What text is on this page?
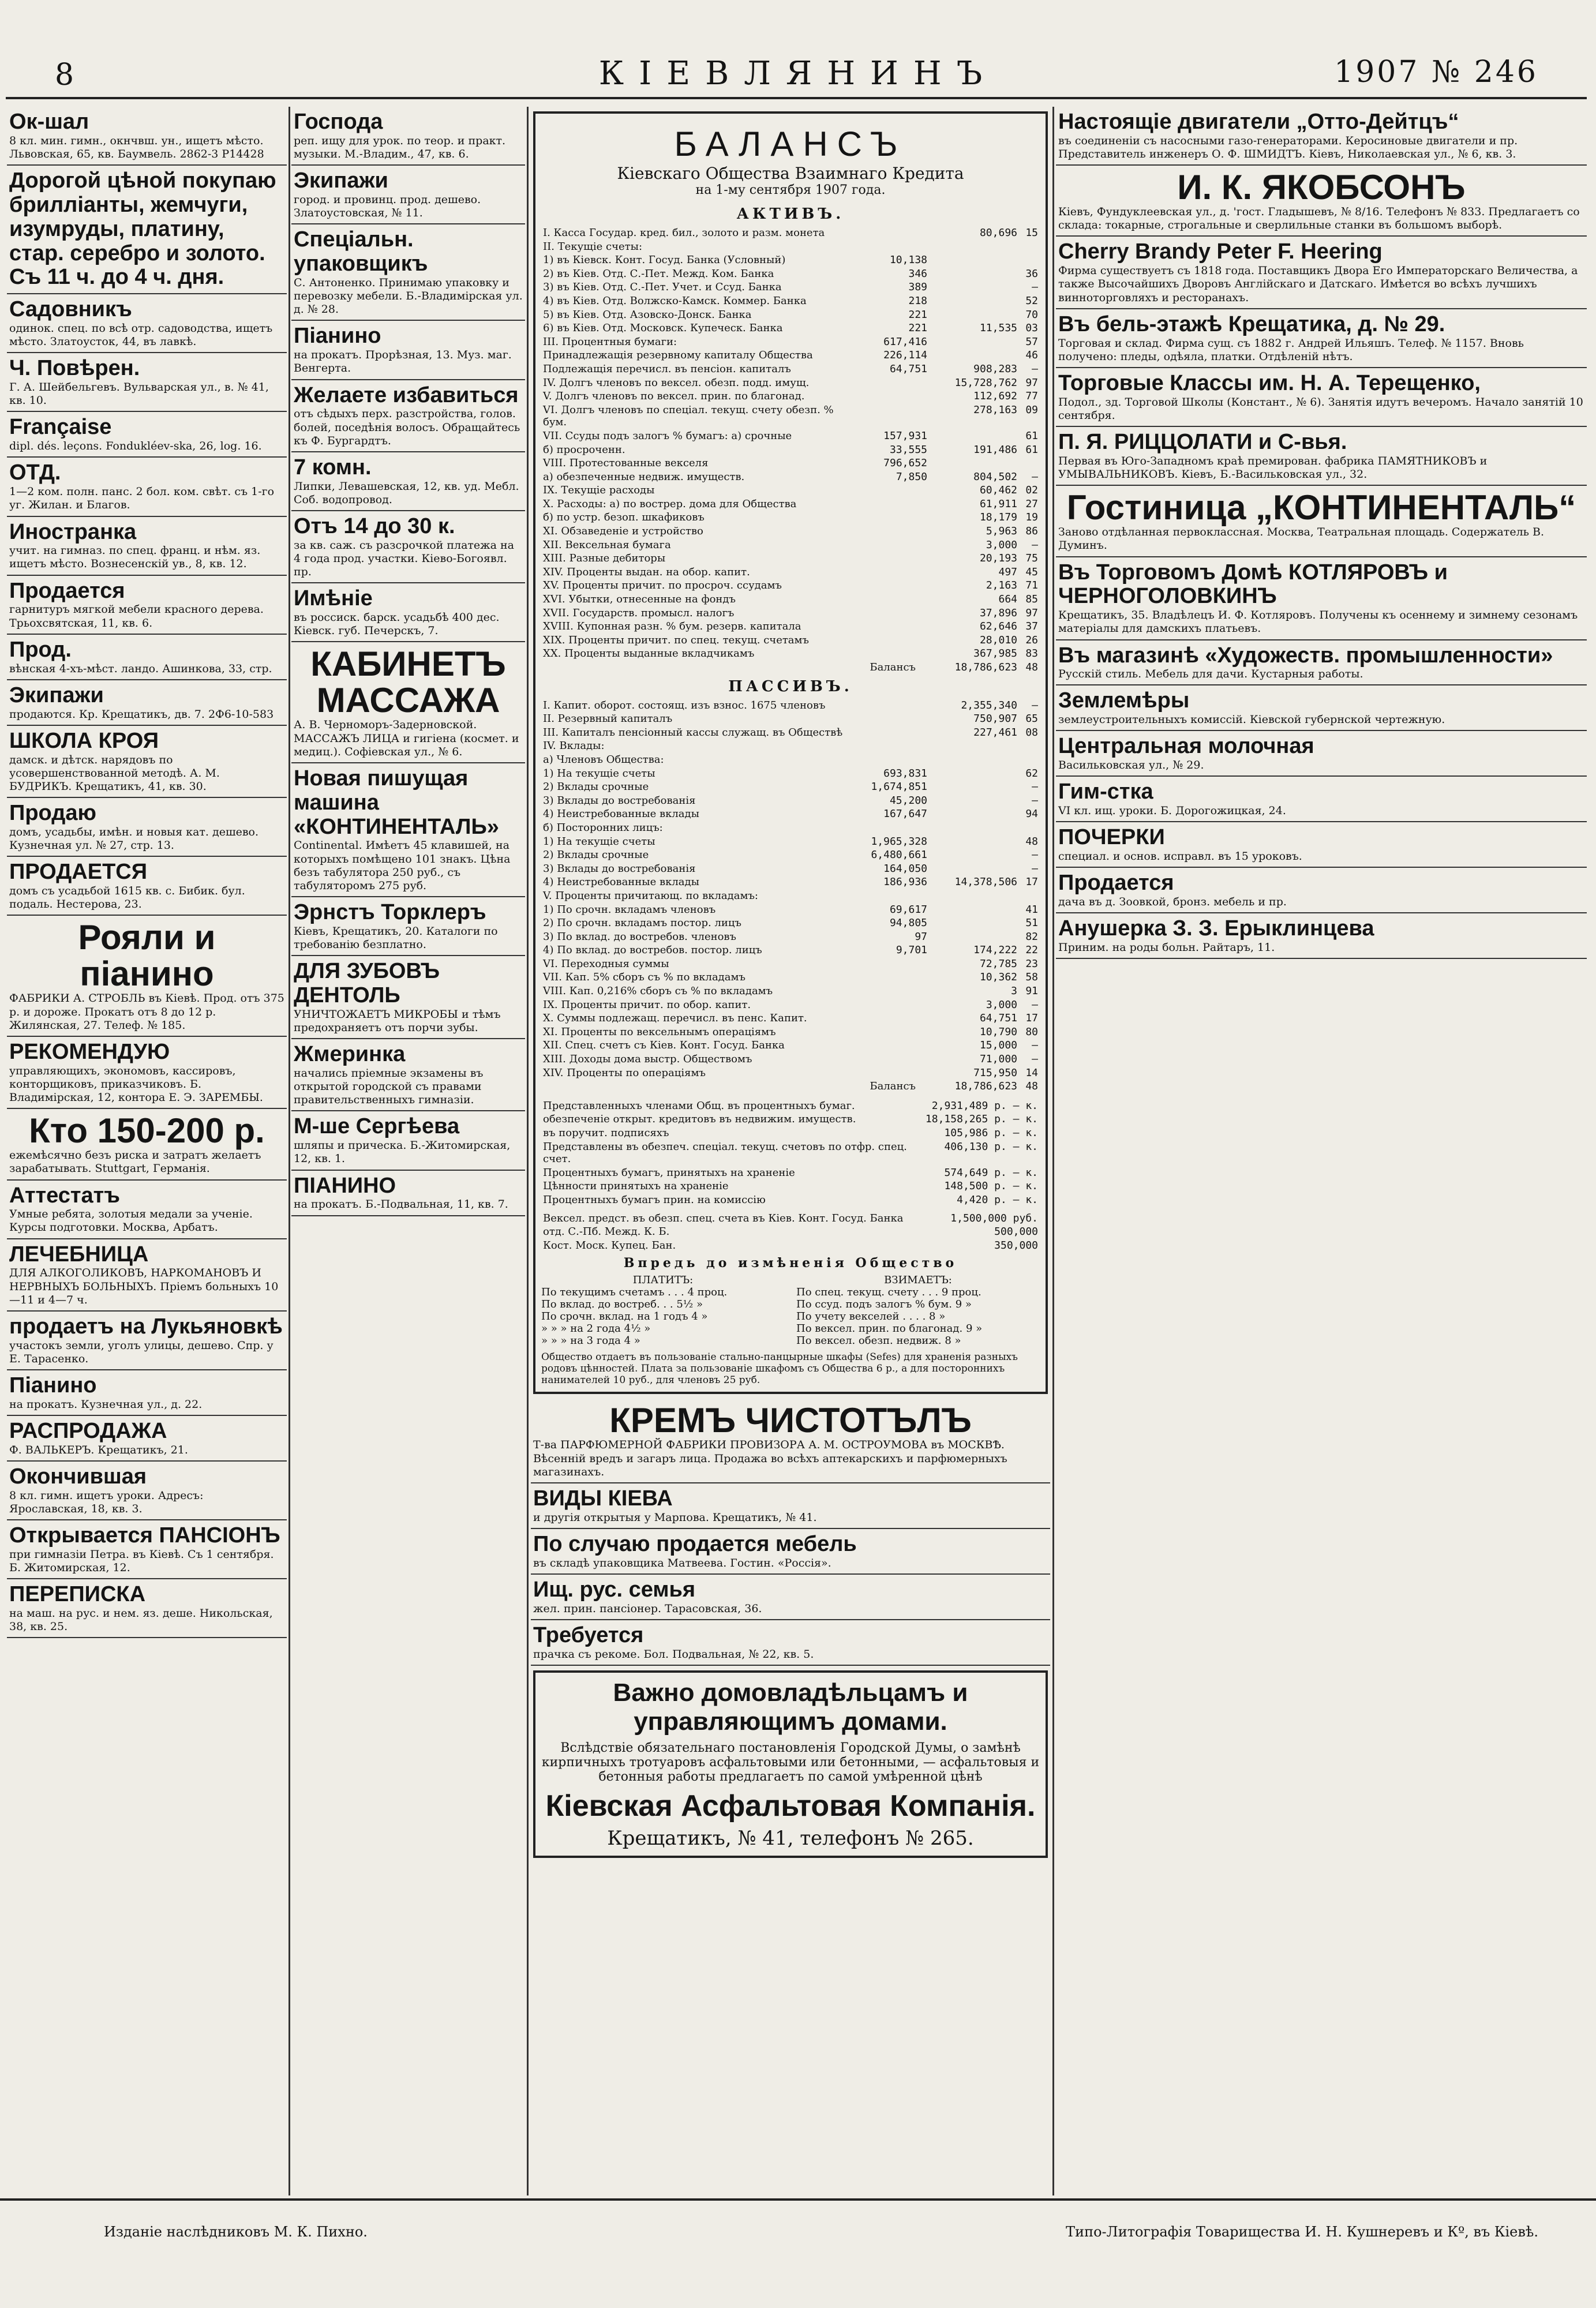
8	КІЕВЛЯНИНЪ	1907 № 246
Ок-шал
8 кл. мин. гимн., окнчвш. ун., ищетъ мѣсто. Львовская, 65, кв. Баумвель. 2862-3 Р14428
Дорогой цѣной покупаю брилліанты, жемчуги, изумруды, платину, стар. серебро и золото. Съ 11 ч. до 4 ч. дня.
Садовникъ
одинок. спец. по всѣ отр. садоводства, ищетъ мѣсто. Златоусток, 44, въ лавкѣ.
Ч. Повѣрен.
Г. А. Шейбельгевъ. Вульварская ул., в. № 41, кв. 10.
Française
dipl. dés. leçons. Fondukléev-ska, 26, log. 16.
ОТД.
1—2 ком. полн. панс. 2 бол. ком. свѣт. съ 1-го уг. Жилан. и Благов.
Иностранка
учит. на гимназ. по спец. франц. и нѣм. яз. ищетъ мѣсто. Вознесенскій ув., 8, кв. 12.
Продается
гарнитуръ мягкой мебели красного дерева. Трьохсвятская, 11, кв. 6.
Прод.
вѣнская 4-хъ-мѣст. ландо. Ашинкова, 33, стр.
Экипажи
продаются. Кр. Крещатикъ, дв. 7. 2Ф6-10-583
ШКОЛА КРОЯ
дамск. и дѣтск. нарядовъ по усовершенствованной методѣ. А. М. БУДРИКЪ. Крещатикъ, 41, кв. 30.
Продаю
домъ, усадьбы, имѣн. и новыя кат. дешево. Кузнечная ул. № 27, стр. 13.
ПРОДАЕТСЯ
домъ съ усадьбой 1615 кв. с. Бибик. бул. подаль. Нестерова, 23.
Рояли и піанино
ФАБРИКИ А. СТРОБЛЬ въ Кіевѣ. Прод. отъ 375 р. и дороже. Прокатъ отъ 8 до 12 р. Жилянская, 27. Телеф. № 185.
РЕКОМЕНДУЮ
управляющихъ, экономовъ, кассировъ, конторщиковъ, приказчиковъ. Б. Владимірская, 12, контора Е. Э. ЗАРЕМБЫ.
Кто 150-200 р.
ежемѣсячно безъ риска и затратъ желаетъ зарабатывать. Stuttgart, Германія.
Аттестатъ
Умные ребята, золотыя медали за ученіе. Курсы подготовки. Москва, Арбатъ.
ЛЕЧЕБНИЦА
ДЛЯ АЛКОГОЛИКОВЪ, НАРКОМАНОВЪ И НЕРВНЫХЪ БОЛЬНЫХЪ. Пріемъ больныхъ 10—11 и 4—7 ч.
продаетъ на Лукьяновкѣ
участокъ земли, уголъ улицы, дешево. Спр. у Е. Тарасенко.
Піанино
на прокатъ. Кузнечная ул., д. 22.
РАСПРОДАЖА
Ф. ВАЛЬКЕРЪ. Крещатикъ, 21.
Окончившая
8 кл. гимн. ищетъ уроки. Адресъ: Ярославская, 18, кв. 3.
Открывается ПАНСІОНЪ
при гимназіи Петра. въ Кіевѣ. Съ 1 сентября. Б. Житомирская, 12.
ПЕРЕПИСКА
на маш. на рус. и нем. яз. деше. Никольская, 38, кв. 25.
Господа
реп. ищу для урок. по теор. и практ. музыки. М.-Владим., 47, кв. 6.
Экипажи
город. и провинц. прод. дешево. Златоустовская, № 11.
Спеціальн. упаковщикъ
С. Антоненко. Принимаю упаковку и перевозку мебели. Б.-Владимірская ул. д. № 28.
Піанино
на прокатъ. Прорѣзная, 13. Муз. маг. Венгерта.
Желаете избавиться
отъ сѣдыхъ перх. разстройства, голов. болей, поседѣнія волосъ. Обращайтесь къ Ф. Бургардтъ.
7 комн.
Липки, Левашевская, 12, кв. уд. Мебл. Соб. водопровод.
Отъ 14 до 30 к.
за кв. саж. съ разсрочкой платежа на 4 года прод. участки. Кіево-Богоявл. пр.
Имѣніе
въ россиск. барск. усадьбѣ 400 дес. Кіевск. губ. Печерскъ, 7.
КАБИНЕТЪ МАССАЖА
А. В. Черноморъ-Задерновской. МАССАЖЪ ЛИЦА и гигіена (космет. и медиц.). Софіевская ул., № 6.
Новая пишущая машина «КОНТИНЕНТАЛЬ»
Continental. Имѣетъ 45 клавишей, на которыхъ помѣщено 101 знакъ. Цѣна безъ табулятора 250 руб., съ табуляторомъ 275 руб.
Эрнстъ Торклеръ
Кіевъ, Крещатикъ, 20. Каталоги по требованію безплатно.
ДЛЯ ЗУБОВЪ ДЕНТОЛЬ
УНИЧТОЖАЕТЪ МИКРОБЫ и тѣмъ предохраняетъ отъ порчи зубы.
Жмеринка
начались пріемные экзамены въ открытой городской съ правами правительственныхъ гимназіи.
М-ше Сергѣева
шляпы и прическа. Б.-Житомирская, 12, кв. 1.
ПІАНИНО
на прокатъ. Б.-Подвальная, 11, кв. 7.
БАЛАНСЪ
Кіевскаго Общества Взаимнаго Кредита
на 1-му сентября 1907 года.
АКТИВЪ.
I. Касса Государ. кред. бил., золото и разм. монета		80,696	15
II. Текущіе счеты:			
1) въ Кіевск. Конт. Госуд. Банка (Условный)	10,138		
2) въ Кіев. Отд. С.-Пет. Межд. Ком. Банка	346		36
3) въ Кіев. Отд. С.-Пет. Учет. и Ссуд. Банка	389		—
4) въ Кіев. Отд. Волжско-Камск. Коммер. Банка	218		52
5) въ Кіев. Отд. Азовско-Донск. Банка	221		70
6) въ Кіев. Отд. Московск. Купеческ. Банка	221	11,535	03
III. Процентныя бумаги:	617,416		57
Принадлежащія резервному капиталу Общества	226,114		46
Подлежащія перечисл. въ пенсіон. капиталъ	64,751	908,283	—
IV. Долгъ членовъ по вексел. обезп. подд. имущ.		15,728,762	97
V. Долгъ членовъ по вексел. прин. по благонад.		112,692	77
VI. Долгъ членовъ по спеціал. текущ. счету обезп. % бум.		278,163	09
VII. Ссуды подъ залогъ % бумагъ: а) срочные	157,931		61
б) просроченн.	33,555	191,486	61
VIII. Протестованные векселя	796,652		
а) обезпеченные недвиж. имуществ.	7,850	804,502	—
IX. Текущіе расходы		60,462	02
X. Расходы: а) по вострер. дома для Общества		61,911	27
б) по устр. безоп. шкафиковъ		18,179	19
XI. Обзаведеніе и устройство		5,963	86
XII. Вексельная бумага		3,000	—
XIII. Разные дебиторы		20,193	75
XIV. Проценты выдан. на обор. капит.		497	45
XV. Проценты причит. по просроч. ссудамъ		2,163	71
XVI. Убытки, отнесенные на фондъ		664	85
XVII. Государств. промысл. налогъ		37,896	97
XVIII. Купонная разн. % бум. резерв. капитала		62,646	37
XIX. Проценты причит. по спец. текущ. счетамъ		28,010	26
XX. Проценты выданные вкладчикамъ		367,985	83
Балансъ	18,786,623	48
ПАССИВЪ.
I. Капит. оборот. состоящ. изъ взнос. 1675 членовъ		2,355,340	—
II. Резервный капиталъ		750,907	65
III. Капиталъ пенсіонный кассы служащ. въ Обществѣ		227,461	08
IV. Вклады:			
а) Членовъ Общества:			
1) На текущіе счеты	693,831		62
2) Вклады срочные	1,674,851		—
3) Вклады до востребованія	45,200		—
4) Неистребованные вклады	167,647		94
б) Посторонних лицъ:			
1) На текущіе счеты	1,965,328		48
2) Вклады срочные	6,480,661		—
3) Вклады до востребованія	164,050		—
4) Неистребованные вклады	186,936	14,378,506	17
V. Проценты причитающ. по вкладамъ:			
1) По срочн. вкладамъ членовъ	69,617		41
2) По срочн. вкладамъ постор. лицъ	94,805		51
3) По вклад. до востребов. членовъ	97		82
4) По вклад. до востребов. постор. лицъ	9,701	174,222	22
VI. Переходныя суммы		72,785	23
VII. Кап. 5% сборъ съ % по вкладамъ		10,362	58
VIII. Кап. 0,216% сборъ съ % по вкладамъ		3	91
IX. Проценты причит. по обор. капит.		3,000	—
X. Суммы подлежащ. перечисл. въ пенс. Капит.		64,751	17
XI. Проценты по вексельнымъ операціямъ		10,790	80
XII. Спец. счетъ съ Кіев. Конт. Госуд. Банка		15,000	—
XIII. Доходы дома выстр. Обществомъ		71,000	—
XIV. Проценты по операціямъ		715,950	14
Балансъ	18,786,623	48
Представленныхъ членами Общ. въ процентныхъ бумаг.	2,931,489 р. — к.
обезпеченіе открыт. кредитовъ въ недвижим. имуществ.	18,158,265 р. — к.
въ поручит. подписяхъ	105,986 р. — к.
Представлены въ обезпеч. спеціал. текущ. счетовъ по отфр. спец. счет.	406,130 р. — к.
Процентныхъ бумагъ, принятыхъ на храненіе	574,649 р. — к.
Цѣнности принятыхъ на храненіе	148,500 р. — к.
Процентныхъ бумагъ прин. на комиссію	4,420 р. — к.
Вексел. предст. въ обезп. спец. счета въ Кіев. Конт. Госуд. Банка	1,500,000 руб.
отд. С.-Пб. Межд. К. Б.	500,000
Кост. Моск. Купец. Бан.	350,000
Впредь до измѣненія Общество
ПЛАТИТЪ:
По текущимъ счетамъ . . . 4 проц.
По вклад. до востреб. . . 5½ »
По срочн. вклад. на 1 годъ 4 »
» » » на 2 года 4½ »
» » » на 3 года 4 »
ВЗИМАЕТЪ:
По спец. текущ. счету . . . 9 проц.
По ссуд. подъ залогъ % бум. 9 »
По учету векселей . . . . 8 »
По вексел. прин. по благонад. 9 »
По вексел. обезп. недвиж. 8 »
Общество отдаетъ въ пользованіе стально-панцырные шкафы (Sefes) для храненія разныхъ родовъ цѣнностей. Плата за пользованіе шкафомъ съ Общества 6 р., а для постороннихъ нанимателей 10 руб., для членовъ 25 руб.
КРЕМЪ ЧИСТОТЪЛЪ
Т-ва ПАРФЮМЕРНОЙ ФАБРИКИ ПРОВИЗОРА А. М. ОСТРОУМОВА въ МОСКВѢ. Вѣсенній вредъ и загаръ лица. Продажа во всѣхъ аптекарскихъ и парфюмерныхъ магазинахъ.
ВИДЫ КІЕВА
и другія открытыя у Марпова. Крещатикъ, № 41.
По случаю продается мебель
въ складѣ упаковщика Матвеева. Гостин. «Россія».
Ищ. рус. семья
жел. прин. пансіонер. Тарасовская, 36.
Требуется
прачка съ рекоме. Бол. Подвальная, № 22, кв. 5.
Важно домовладѣльцамъ и управляющимъ домами.
Вслѣдствіе обязательнаго постановленія Городской Думы, о замѣнѣ кирпичныхъ тротуаровъ асфальтовыми или бетонными, — асфальтовыя и бетонныя работы предлагаетъ по самой умѣренной цѣнѣ
Кіевская Асфальтовая Компанія.
Крещатикъ, № 41, телефонъ № 265.
Настоящіе двигатели „Отто-Дейтцъ“
въ соединеніи съ насосными газо-генераторами. Керосиновые двигатели и пр. Представитель инженеръ О. Ф. ШМИДТЪ. Кіевъ, Николаевская ул., № 6, кв. 3.
И. К. ЯКОБСОНЪ
Кіевъ, Фундуклеевская ул., д. 'гост. Гладышевъ, № 8/16. Телефонъ № 833. Предлагаетъ со склада: токарные, строгальные и сверлильные станки въ большомъ выборѣ.
Cherry Brandy Peter F. Heering
Фирма существуетъ съ 1818 года. Поставщикъ Двора Его Императорскаго Величества, а также Высочайшихъ Дворовъ Англійскаго и Датскаго. Имѣется во всѣхъ лучшихъ винноторговляхъ и ресторанахъ.
Въ бель-этажѣ Крещатика, д. № 29.
Торговая и склад. Фирма сущ. съ 1882 г. Андрей Ильяшъ. Телеф. № 1157. Вновь получено: пледы, одѣяла, платки. Отдѣленій нѣтъ.
Торговые Классы им. Н. А. Терещенко,
Подол., зд. Торговой Школы (Констант., № 6). Занятія идутъ вечеромъ. Начало занятій 10 сентября.
П. Я. РИЦЦОЛАТИ и С-вья.
Первая въ Юго-Западномъ краѣ премирован. фабрика ПАМЯТНИКОВЪ и УМЫВАЛЬНИКОВЪ. Кіевъ, Б.-Васильковская ул., 32.
Гостиница „КОНТИНЕНТАЛЬ“
Заново отдѣланная первоклассная. Москва, Театральная площадь. Содержатель В. Думинъ.
Въ Торговомъ Домѣ КОТЛЯРОВЪ и ЧЕРНОГОЛОВКИНЪ
Крещатикъ, 35. Владѣлецъ И. Ф. Котляровъ. Получены къ осеннему и зимнему сезонамъ матеріалы для дамскихъ платьевъ.
Въ магазинѣ «Художеств. промышленности»
Русскій стиль. Мебель для дачи. Кустарныя работы.
Землемѣры
землеустроительныхъ комиссій. Кіевской губернской чертежную.
Центральная молочная
Васильковская ул., № 29.
Гим-стка
VI кл. ищ. уроки. Б. Дорогожицкая, 24.
ПОЧЕРКИ
специал. и основ. исправл. въ 15 уроковъ.
Продается
дача въ д. Зоовкой, бронз. мебель и пр.
Анушерка З. З. Ерыклинцева
Приним. на роды больн. Райтаръ, 11.
Изданіе наслѣдниковъ М. К. Пихно.	Типо-Литографія Товарищества И. Н. Кушнеревъ и Кº, въ Кіевѣ.
